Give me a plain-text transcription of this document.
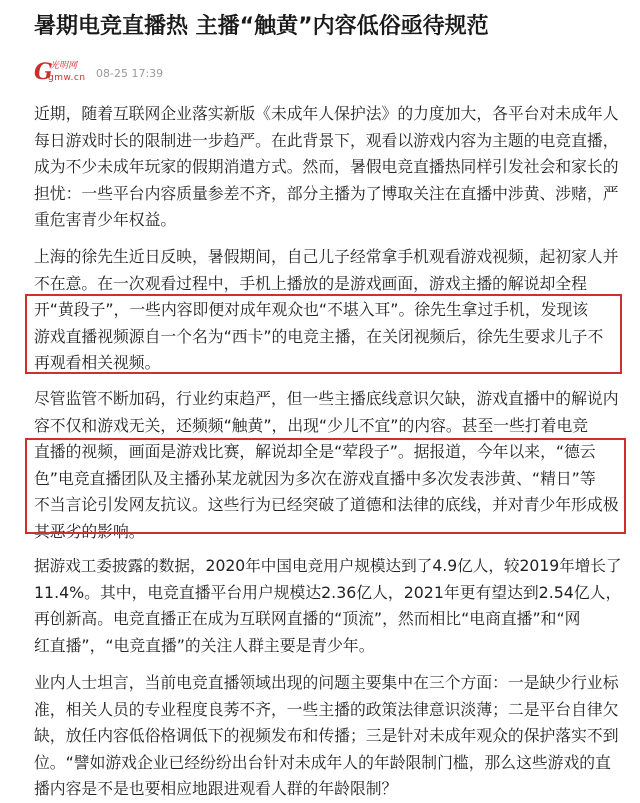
暑期电竞直播热 主播“触黄”内容低俗亟待规范
G
光明网
gmw.cn 08-25 17:39
近期，随着互联网企业落实新版《未成年人保护法》的力度加大，各平台对未成年人
每日游戏时长的限制进一步趋严。在此背景下，观看以游戏内容为主题的电竞直播，
成为不少未成年玩家的假期消遣方式。然而，暑假电竞直播热同样引发社会和家长的
担忧：一些平台内容质量参差不齐，部分主播为了博取关注在直播中涉黄、涉赌，严
重危害青少年权益。
上海的徐先生近日反映，暑假期间，自己儿子经常拿手机观看游戏视频，起初家人并
不在意。在一次观看过程中，手机上播放的是游戏画面，游戏主播的解说却全程
开“黄段子”，一些内容即便对成年观众也“不堪入耳”。徐先生拿过手机，发现该
游戏直播视频源自一个名为“西卡”的电竞主播，在关闭视频后，徐先生要求儿子不
再观看相关视频。
尽管监管不断加码，行业约束趋严，但一些主播底线意识欠缺，游戏直播中的解说内
容不仅和游戏无关，还频频“触黄”，出现“少儿不宜”的内容。甚至一些打着电竞
直播的视频，画面是游戏比赛，解说却全是“荤段子”。据报道，今年以来，“德云
色”电竞直播团队及主播孙某龙就因为多次在游戏直播中多次发表涉黄、“精日”等
不当言论引发网友抗议。这些行为已经突破了道德和法律的底线，并对青少年形成极
其恶劣的影响。
据游戏工委披露的数据，2020年中国电竞用户规模达到了4.9亿人，较2019年增长了
11.4%。其中，电竞直播平台用户规模达2.36亿人，2021年更有望达到2.54亿人，
再创新高。电竞直播正在成为互联网直播的“顶流”，然而相比“电商直播”和“网
红直播”，“电竞直播”的关注人群主要是青少年。
业内人士坦言，当前电竞直播领域出现的问题主要集中在三个方面：一是缺少行业标
准，相关人员的专业程度良莠不齐，一些主播的政策法律意识淡薄；二是平台自律欠
缺，放任内容低俗格调低下的视频发布和传播；三是针对未成年观众的保护落实不到
位。“譬如游戏企业已经纷纷出台针对未成年人的年龄限制门槛，那么这些游戏的直
播内容是不是也要相应地跟进观看人群的年龄限制？
